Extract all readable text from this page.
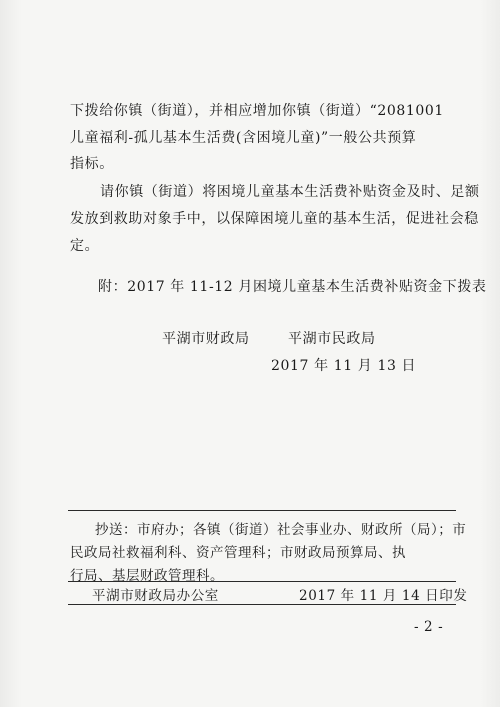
下拨给你镇（街道），并相应增加你镇（街道）“2081001
儿童福利-孤儿基本生活费(含困境儿童)”一般公共预算
指标。
请你镇（街道）将困境儿童基本生活费补贴资金及时、足额
发放到救助对象手中，以保障困境儿童的基本生活，促进社会稳
定。
附：2017 年 11-12 月困境儿童基本生活费补贴资金下拨表
平湖市财政局	平湖市民政局
2017 年 11 月 13 日
抄送：市府办；各镇（街道）社会事业办、财政所（局）；市
民政局社救福利科、资产管理科；市财政局预算局、执
行局、基层财政管理科。
平湖市财政局办公室	2017 年 11 月 14 日印发
- 2 -
